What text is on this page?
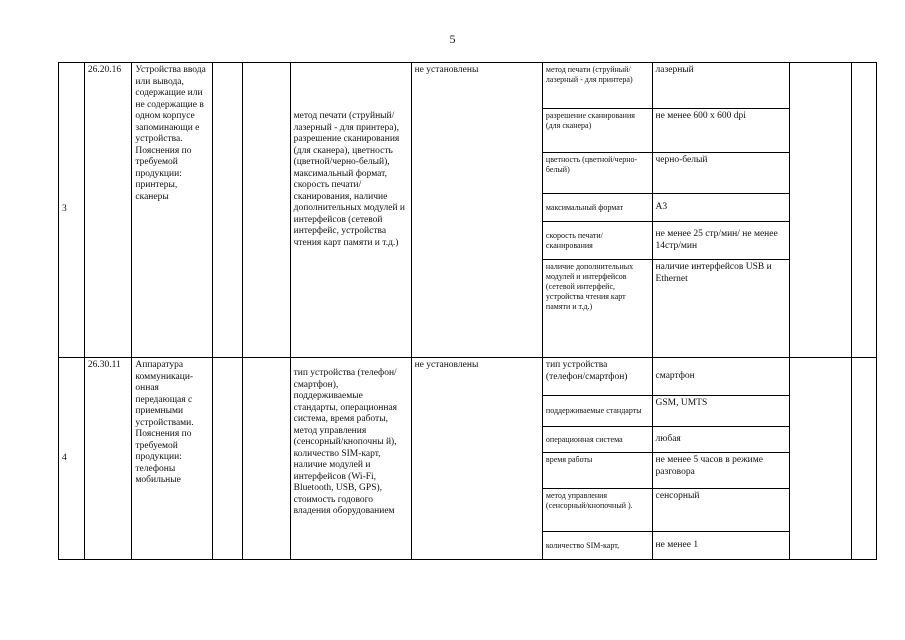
5
3	26.20.16	Устройства ввода или вывода, содержащие или не содержащие в одном корпусе запоминающи е устройства. Пояснения по требуемой продукции: принтеры, сканеры			метод печати (струйный/лазерный - для принтера), разрешение сканирования (для сканера), цветность (цветной/черно-белый), максимальный формат, скорость печати/сканирования, наличие дополнительных модулей и интерфейсов (сетевой интерфейс, устройства чтения карт памяти и т.д.)	не установлены	метод печати (струйный/лазерный - для принтера)	лазерный		
							разрешение сканирования (для сканера)	не менее 600 х 600 dpi		
							цветность (цветной/черно-белый)	черно-белый		
							максимальный формат	А3		
							скорость печати/сканирования	не менее 25 стр/мин/ не менее 14стр/мин		
							наличие дополнительных модулей и интерфейсов (сетевой интерфейс, устройства чтения карт памяти и т.д.)	наличие интерфейсов USB и Ethernet		
4	26.30.11	Аппаратура коммуникаци-онная передающая с приемными устройствами. Пояснения по требуемой продукции: телефоны мобильные			тип устройства (телефон/смартфон), поддерживаемые стандарты, операционная система, время работы, метод управления (сенсорный/кнопочны й), количество SIM-карт, наличие модулей и интерфейсов (Wi-Fi, Bluetooth, USB, GPS), стоимость годового владения оборудованием	не установлены	тип устройства (телефон/смартфон)	смартфон		
							поддерживаемые стандарты	GSM, UMTS		
							операционная система	любая		
							время работы	не менее 5 часов в режиме разговора		
							метод управления (сенсорный/кнопочный ).	сенсорный		
							количество SIM-карт,	не менее 1		
